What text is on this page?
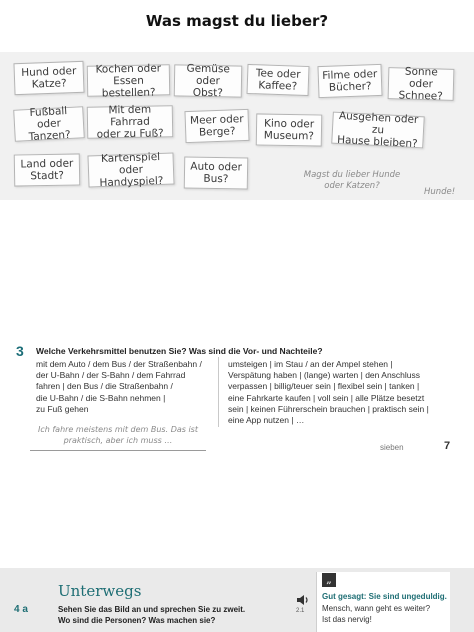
Was magst du lieber?
Hund oder
Katze?
Kochen oder
Essen bestellen?
Gemüse oder
Obst?
Tee oder
Kaffee?
Filme oder
Bücher?
Sonne oder
Schnee?
Fußball oder
Tanzen?
Mit dem Fahrrad
oder zu Fuß?
Meer oder
Berge?
Kino oder
Museum?
Ausgehen oder zu
Hause bleiben?
Land oder
Stadt?
Kartenspiel oder
Handyspiel?
Auto oder
Bus?	Magst du lieber Hunde
oder Katzen?
Hunde!
3 Welche Verkehrsmittel benutzen Sie? Was sind die Vor- und Nachteile?
mit dem Auto / dem Bus / der Straßenbahn /
der U-Bahn / der S-Bahn / dem Fahrrad
fahren | den Bus / die Straßenbahn /
die U-Bahn / die S-Bahn nehmen |
zu Fuß gehen
umsteigen | im Stau / an der Ampel stehen |
Verspätung haben | (lange) warten | den Anschluss
verpassen | billig/teuer sein | flexibel sein | tanken |
eine Fahrkarte kaufen | voll sein | alle Plätze besetzt
sein | keinen Führerschein brauchen | praktisch sein |
eine App nutzen | …
Ich fahre meistens mit dem Bus. Das ist
praktisch, aber ich muss …
sieben	7
Unterwegs
4 a	Sehen Sie das Bild an und sprechen Sie zu zweit.
Wo sind die Personen? Was machen sie?
2.1
„
Gut gesagt: Sie sind ungeduldig.
Mensch, wann geht es weiter?
Ist das nervig!
